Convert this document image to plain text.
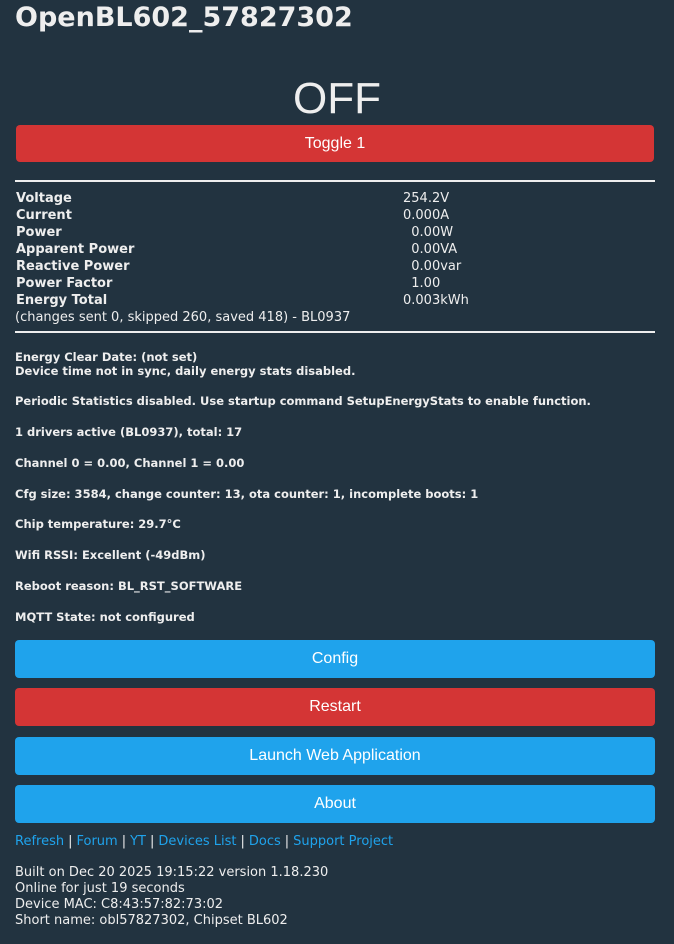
OpenBL602_57827302
OFF
Toggle 1
Voltage	254.2V
Current	0.000A
Power	0.00W
Apparent Power	0.00VA
Reactive Power	0.00var
Power Factor	1.00
Energy Total	0.003kWh
(changes sent 0, skipped 260, saved 418) - BL0937
Energy Clear Date: (not set)
Device time not in sync, daily energy stats disabled.
Periodic Statistics disabled. Use startup command SetupEnergyStats to enable function.
1 drivers active (BL0937), total: 17
Channel 0 = 0.00, Channel 1 = 0.00
Cfg size: 3584, change counter: 13, ota counter: 1, incomplete boots: 1
Chip temperature: 29.7°C
Wifi RSSI: Excellent (-49dBm)
Reboot reason: BL_RST_SOFTWARE
MQTT State: not configured
Config
Restart
Launch Web Application
About
Refresh | Forum | YT | Devices List | Docs | Support Project
Built on Dec 20 2025 19:15:22 version 1.18.230
Online for just 19 seconds
Device MAC: C8:43:57:82:73:02
Short name: obl57827302, Chipset BL602
